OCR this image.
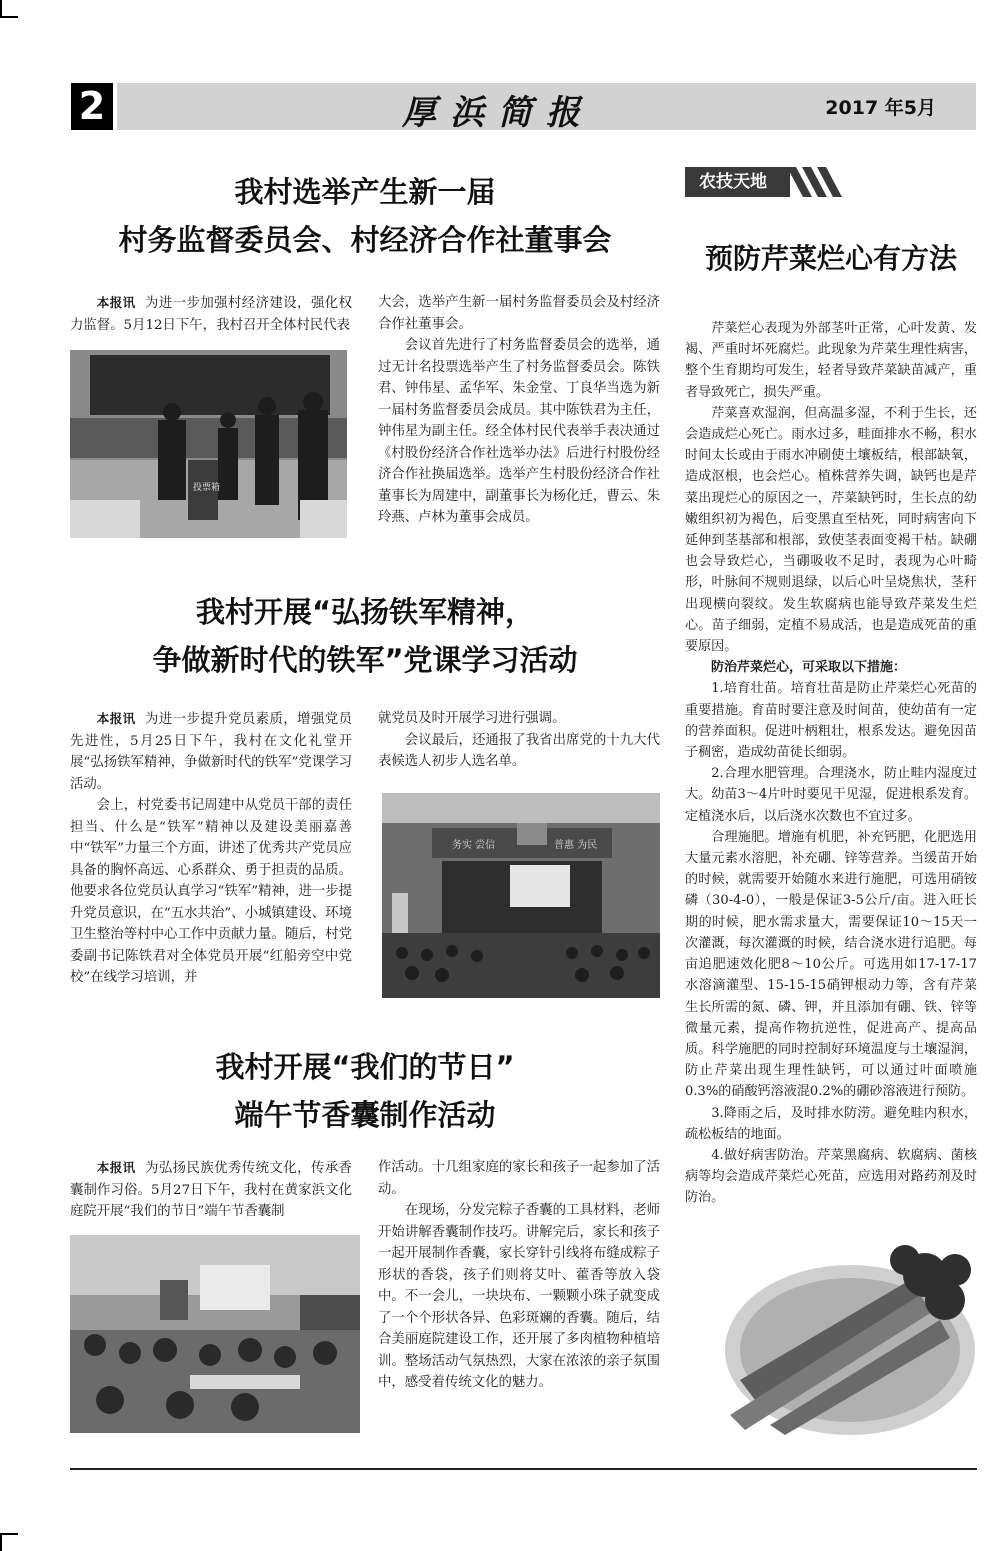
2	厚浜简报	2017 年5月
我村选举产生新一届
村务监督委员会、村经济合作社董事会

本报讯 为进一步加强村经济建设，强化权力监督。5月12日下午，我村召开全体村民代表

投票箱

大会，选举产生新一届村务监督委员会及村经济合作社董事会。

会议首先进行了村务监督委员会的选举，通过无计名投票选举产生了村务监督委员会。陈铁君、钟伟星、孟华军、朱金堂、丁良华当选为新一届村务监督委员会成员。其中陈铁君为主任，钟伟星为副主任。经全体村民代表举手表决通过《村股份经济合作社选举办法》后进行村股份经济合作社换届选举。选举产生村股份经济合作社董事长为周建中，副董事长为杨化迁，曹云、朱玲燕、卢林为董事会成员。

我村开展“弘扬铁军精神，
争做新时代的铁军”党课学习活动

本报讯 为进一步提升党员素质，增强党员先进性，5月25日下午，我村在文化礼堂开展“弘扬铁军精神，争做新时代的铁军”党课学习活动。

会上，村党委书记周建中从党员干部的责任担当、什么是“铁军”精神以及建设美丽嘉善中“铁军”力量三个方面，讲述了优秀共产党员应具备的胸怀高远、心系群众、勇于担责的品质。他要求各位党员认真学习“铁军”精神，进一步提升党员意识，在“五水共治”、小城镇建设、环境卫生整治等村中心工作中贡献力量。随后，村党委副书记陈铁君对全体党员开展“红船旁空中党校”在线学习培训，并

就党员及时开展学习进行强调。

会议最后，还通报了我省出席党的十九大代表候选人初步人选名单。

务实 尝信	普惠 为民
我村开展“我们的节日”
端午节香囊制作活动

本报讯 为弘扬民族优秀传统文化，传承香囊制作习俗。5月27日下午，我村在黄家浜文化庭院开展“我们的节日”端午节香囊制

作活动。十几组家庭的家长和孩子一起参加了活动。

在现场，分发完粽子香囊的工具材料，老师开始讲解香囊制作技巧。讲解完后，家长和孩子一起开展制作香囊，家长穿针引线将布缝成粽子形状的香袋，孩子们则将艾叶、藿香等放入袋中。不一会儿，一块块布、一颗颗小珠子就变成了一个个形状各异、色彩斑斓的香囊。随后，结合美丽庭院建设工作，还开展了多肉植物种植培训。整场活动气氛热烈，大家在浓浓的亲子氛围中，感受着传统文化的魅力。

农技天地
预防芹菜烂心有方法

芹菜烂心表现为外部茎叶正常，心叶发黄、发褐、严重时坏死腐烂。此现象为芹菜生理性病害，整个生育期均可发生，轻者导致芹菜缺苗减产，重者导致死亡，损失严重。

芹菜喜欢湿润，但高温多湿，不利于生长，还会造成烂心死亡。雨水过多，畦面排水不畅，积水时间太长或由于雨水冲刷使土壤板结，根部缺氧，造成沤根，也会烂心。植株营养失调，缺钙也是芹菜出现烂心的原因之一，芹菜缺钙时，生长点的幼嫩组织初为褐色，后变黑直至枯死，同时病害向下延伸到茎基部和根部，致使茎表面变褐干枯。缺硼也会导致烂心，当硼吸收不足时，表现为心叶畸形，叶脉间不规则退绿，以后心叶呈烧焦状，茎秆出现横向裂纹。发生软腐病也能导致芹菜发生烂心。苗子细弱，定植不易成活，也是造成死苗的重要原因。

防治芹菜烂心，可采取以下措施：

1.培育壮苗。培育壮苗是防止芹菜烂心死苗的重要措施。育苗时要注意及时间苗，使幼苗有一定的营养面积。促进叶柄粗壮，根系发达。避免因苗子稠密，造成幼苗徒长细弱。

2.合理水肥管理。合理浇水，防止畦内湿度过大。幼苗3～4片叶时要见干见湿，促进根系发育。定植浇水后，以后浇水次数也不宜过多。

合理施肥。增施有机肥，补充钙肥，化肥选用大量元素水溶肥，补充硼、锌等营养。当缓苗开始的时候，就需要开始随水来进行施肥，可选用硝铵磷（30-4-0），一般是保证3-5公斤/亩。进入旺长期的时候，肥水需求量大，需要保证10～15天一次灌溉，每次灌溉的时候，结合浇水进行追肥。每亩追肥速效化肥8～10公斤。可选用如17-17-17水溶滴灌型、15-15-15硝钾根动力等，含有芹菜生长所需的氮、磷、钾，并且添加有硼、铁、锌等微量元素，提高作物抗逆性，促进高产、提高品质。科学施肥的同时控制好环境温度与土壤湿润，防止芹菜出现生理性缺钙，可以通过叶面喷施0.3%的硝酸钙溶液混0.2%的硼砂溶液进行预防。

3.降雨之后，及时排水防涝。避免畦内积水，疏松板结的地面。

4.做好病害防治。芹菜黑腐病、软腐病、菌核病等均会造成芹菜烂心死苗，应选用对路药剂及时防治。
